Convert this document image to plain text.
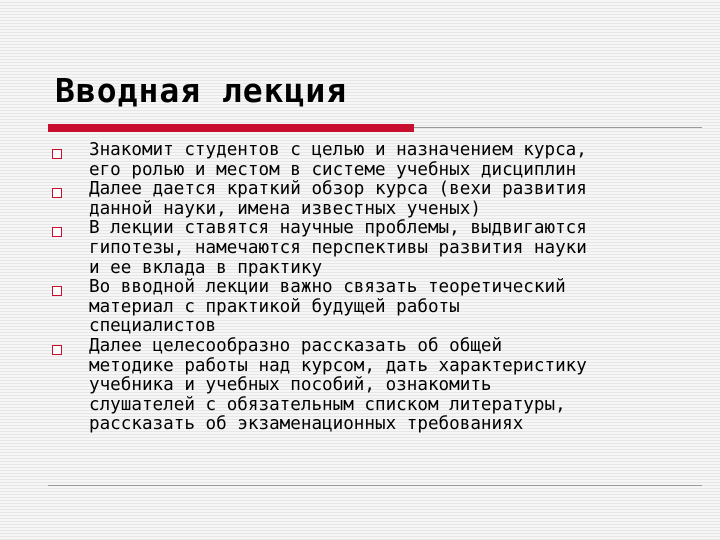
Вводная лекция
Знакомит студентов с целью и назначением курса,
его ролью и местом в системе учебных дисциплин
Далее дается краткий обзор курса (вехи развития
данной науки, имена известных ученых)
В лекции ставятся научные проблемы, выдвигаются
гипотезы, намечаются перспективы развития науки
и ее вклада в практику
Во вводной лекции важно связать теоретический
материал с практикой будущей работы
специалистов
Далее целесообразно рассказать об общей
методике работы над курсом, дать характеристику
учебника и учебных пособий, ознакомить
слушателей с обязательным списком литературы,
рассказать об экзаменационных требованиях
